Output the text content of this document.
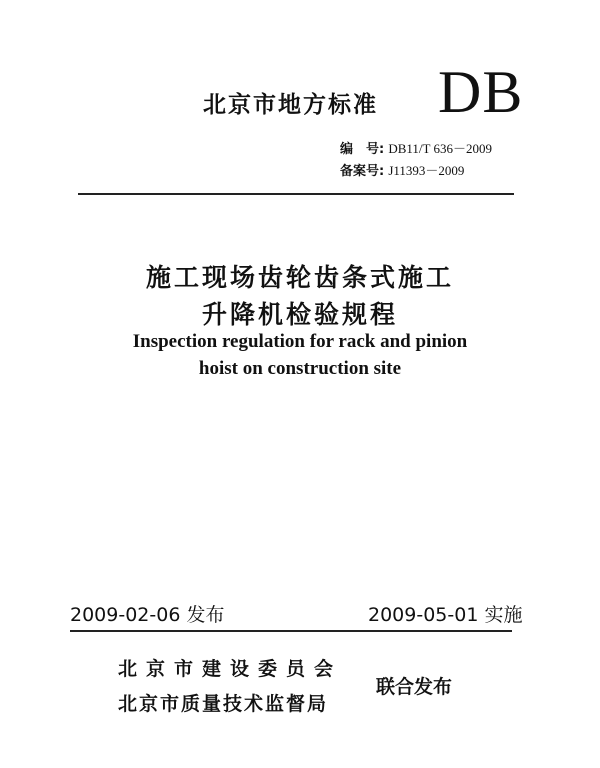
北京市地方标准 DB
编　号: DB11/T 636－2009
备案号: J11393－2009
施工现场齿轮齿条式施工
升降机检验规程
Inspection regulation for rack and pinion
hoist on construction site
2009-02-06 发布	2009-05-01 实施
北京市建设委员会
北京市质量技术监督局
联合发布
